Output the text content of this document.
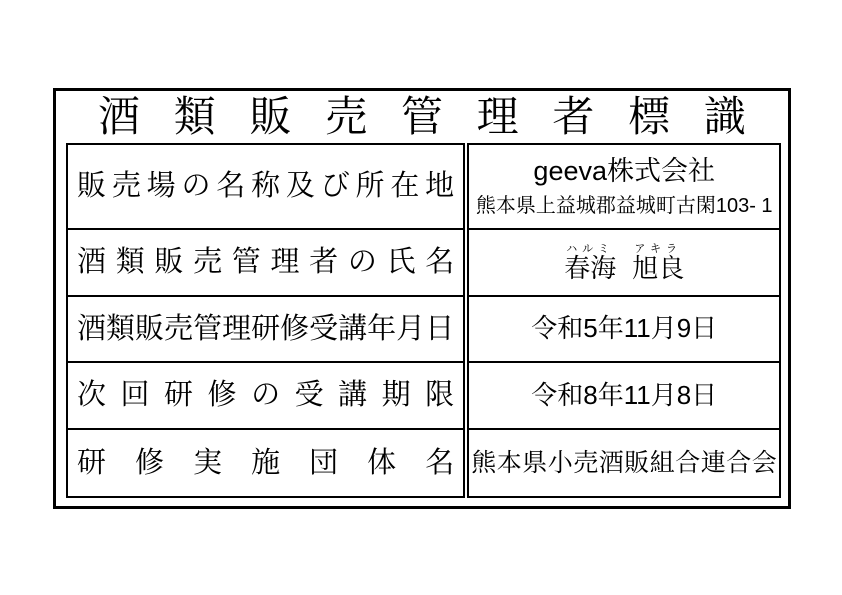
酒 類 販 売 管 理 者 標 識
販 売 場 の 名 称 及 び 所 在 地
酒 類 販 売 管 理 者 の 氏 名
酒 類 販 売 管 理 研 修 受 講 年 月 日
次 回 研 修 の 受 講 期 限
研 修 実 施 団 体 名
geeva株式会社
熊本県上益城郡益城町古閑103- 1
春海ハルミ
旭良アキラ
令和5年11月9日
令和8年11月8日
熊本県小売酒販組合連合会
